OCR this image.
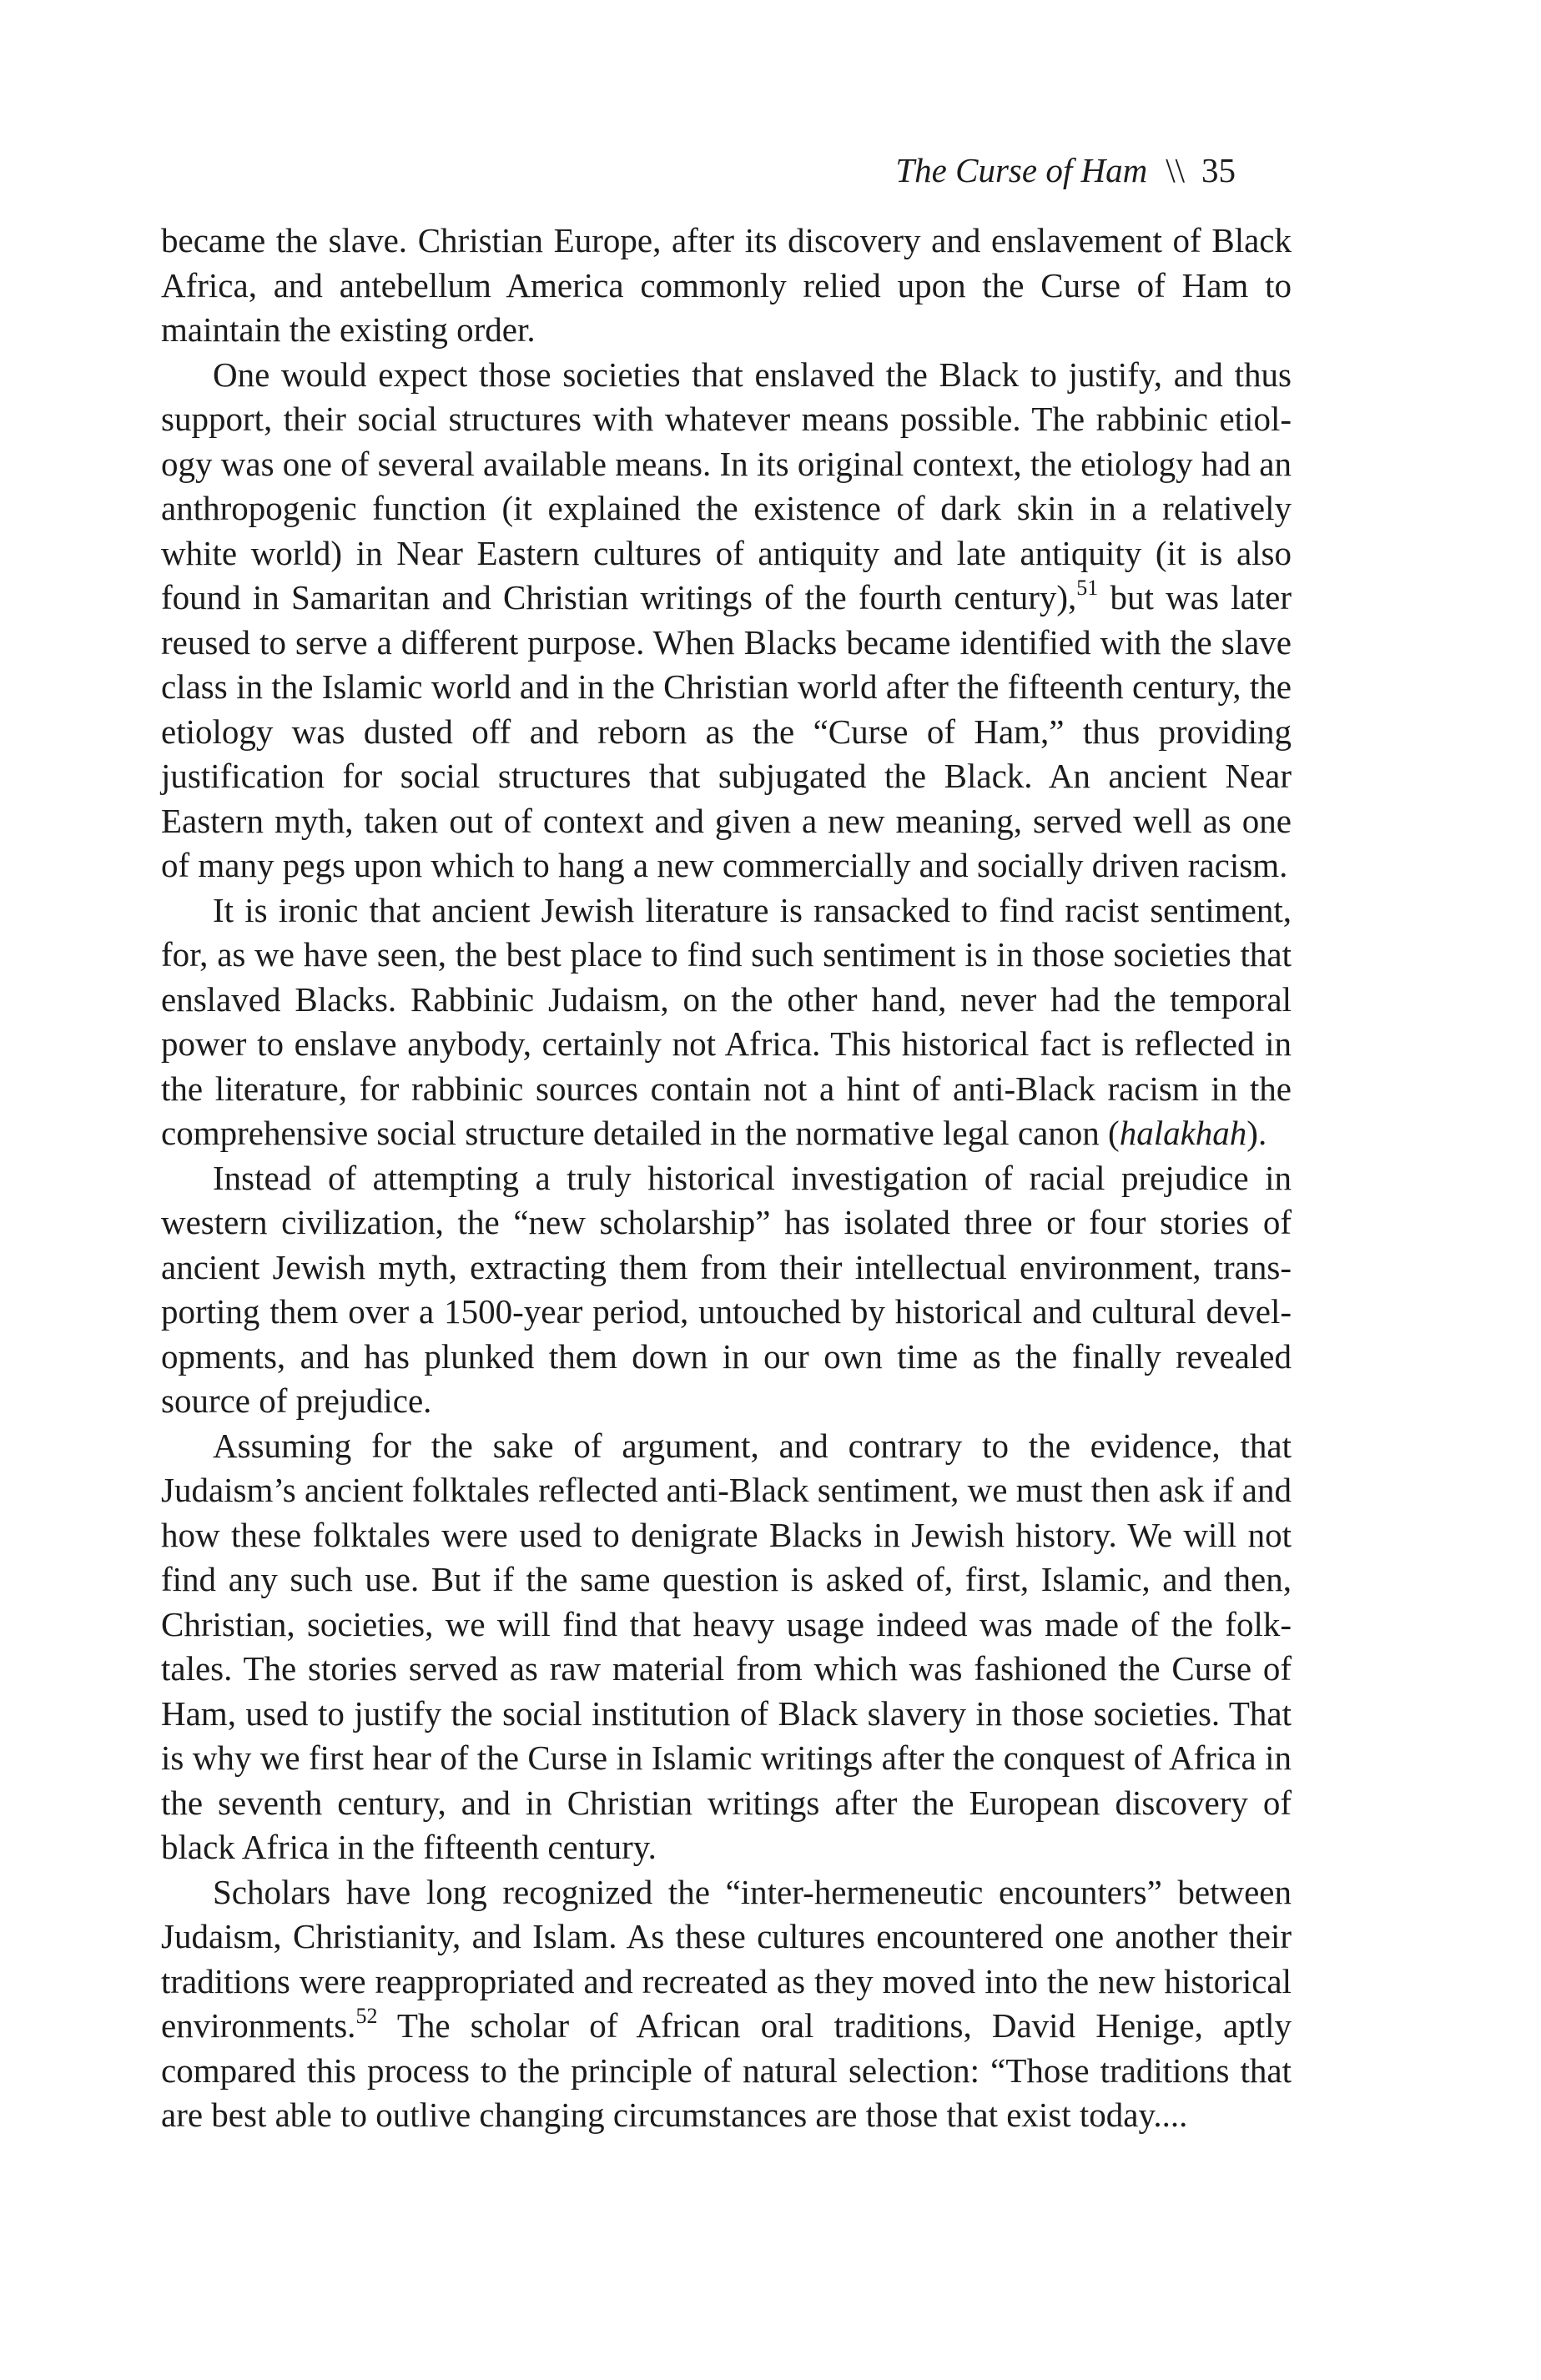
The Curse of Ham \\ 35

became the slave. Christian Europe, after its discovery and enslavement of Black Africa, and antebellum America commonly relied upon the Curse of Ham to maintain the existing order.

One would expect those societies that enslaved the Black to justify, and thus support, their social structures with whatever means possible. The rabbinic etiology was one of several available means. In its original context, the etiology had an anthropogenic function (it explained the existence of dark skin in a relatively white world) in Near Eastern cultures of antiquity and late antiquity (it is also found in Samaritan and Christian writings of the fourth century),$^{51}$ but was later reused to serve a different purpose. When Blacks became identified with the slave class in the Islamic world and in the Christian world after the fifteenth century, the etiology was dusted off and reborn as the “Curse of Ham,” thus providing justification for social structures that subjugated the Black. An ancient Near Eastern myth, taken out of context and given a new meaning, served well as one of many pegs upon which to hang a new commercially and socially driven racism.

It is ironic that ancient Jewish literature is ransacked to find racist sentiment, for, as we have seen, the best place to find such sentiment is in those societies that enslaved Blacks. Rabbinic Judaism, on the other hand, never had the temporal power to enslave anybody, certainly not Africa. This historical fact is reflected in the literature, for rabbinic sources contain not a hint of anti-Black racism in the comprehensive social structure detailed in the normative legal canon (halakhah).

Instead of attempting a truly historical investigation of racial prejudice in western civilization, the “new scholarship” has isolated three or four stories of ancient Jewish myth, extracting them from their intellectual environment, transporting them over a 1500-year period, untouched by historical and cultural developments, and has plunked them down in our own time as the finally revealed source of prejudice.

Assuming for the sake of argument, and contrary to the evidence, that Judaism’s ancient folktales reflected anti-Black sentiment, we must then ask if and how these folktales were used to denigrate Blacks in Jewish history. We will not find any such use. But if the same question is asked of, first, Islamic, and then, Christian, societies, we will find that heavy usage indeed was made of the folktales. The stories served as raw material from which was fashioned the Curse of Ham, used to justify the social institution of Black slavery in those societies. That is why we first hear of the Curse in Islamic writings after the conquest of Africa in the seventh century, and in Christian writings after the European discovery of black Africa in the fifteenth century.

Scholars have long recognized the “inter-hermeneutic encounters” between Judaism, Christianity, and Islam. As these cultures encountered one another their traditions were reappropriated and recreated as they moved into the new historical environments.$^{52}$ The scholar of African oral traditions, David Henige, aptly compared this process to the principle of natural selection: “Those traditions that are best able to outlive changing circumstances are those that exist today....
